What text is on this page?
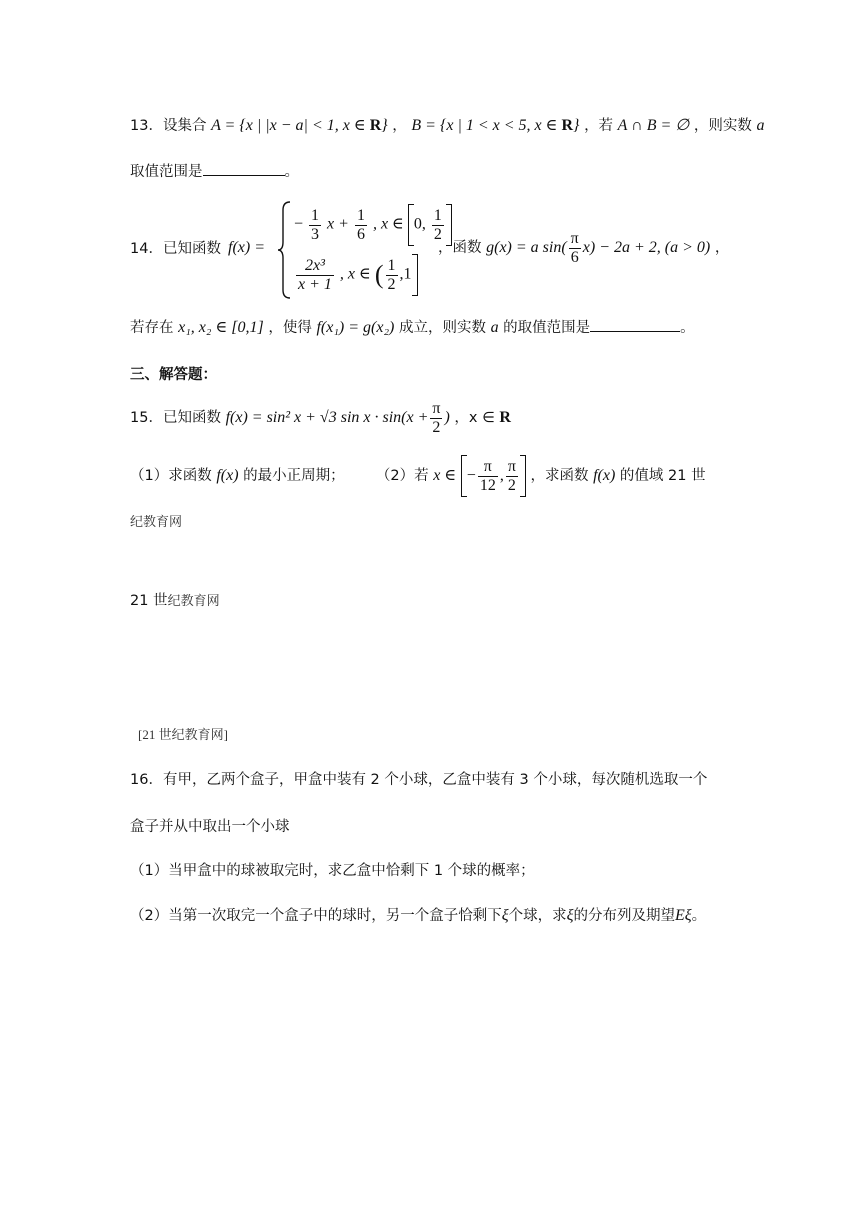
13．设集合 A = {x | |x − a| < 1, x ∈ R} ， B = {x | 1 < x < 5, x ∈ R} ，若 A ∩ B = ∅ ，则实数 a
取值范围是	。
14．已知函数 f(x) =
− $\frac{1}{3}$ $x + \frac{1}{6}$ , x ∈ 0, $\frac{1}{2}$
$\frac{\text{2x³}}{x + 1}$ , x ∈ ( $\frac{1}{2} ,1$
，函数 g(x) = a $\sin( \frac{\pi}{6} x) - 2a + 2$, (a > 0) ，
若存在 x₁, x₂ ∈ [0,1] ，使得 f(x₁) = g(x₂) 成立，则实数 a 的取值范围是	。
三、解答题：
15．已知函数 f(x) = sin² x + √3 $\sin x \cdot \sin(x + \frac{\pi}{2}$ ) ，x ∈ R
（1）求函数 f(x) 的最小正周期； （2）若 x ∈ − $\frac{\pi}{12}$ , $\frac{\pi}{2}$ ，求函数 f(x) 的值域 21 世
纪教育网
21 世纪教育网
[21 世纪教育网]
16．有甲，乙两个盒子，甲盒中装有 2 个小球，乙盒中装有 3 个小球，每次随机选取一个
盒子并从中取出一个小球
（1）当甲盒中的球被取完时，求乙盒中恰剩下 1 个球的概率；
（2）当第一次取完一个盒子中的球时，另一个盒子恰剩下ξ个球，求ξ的分布列及期望Eξ。
